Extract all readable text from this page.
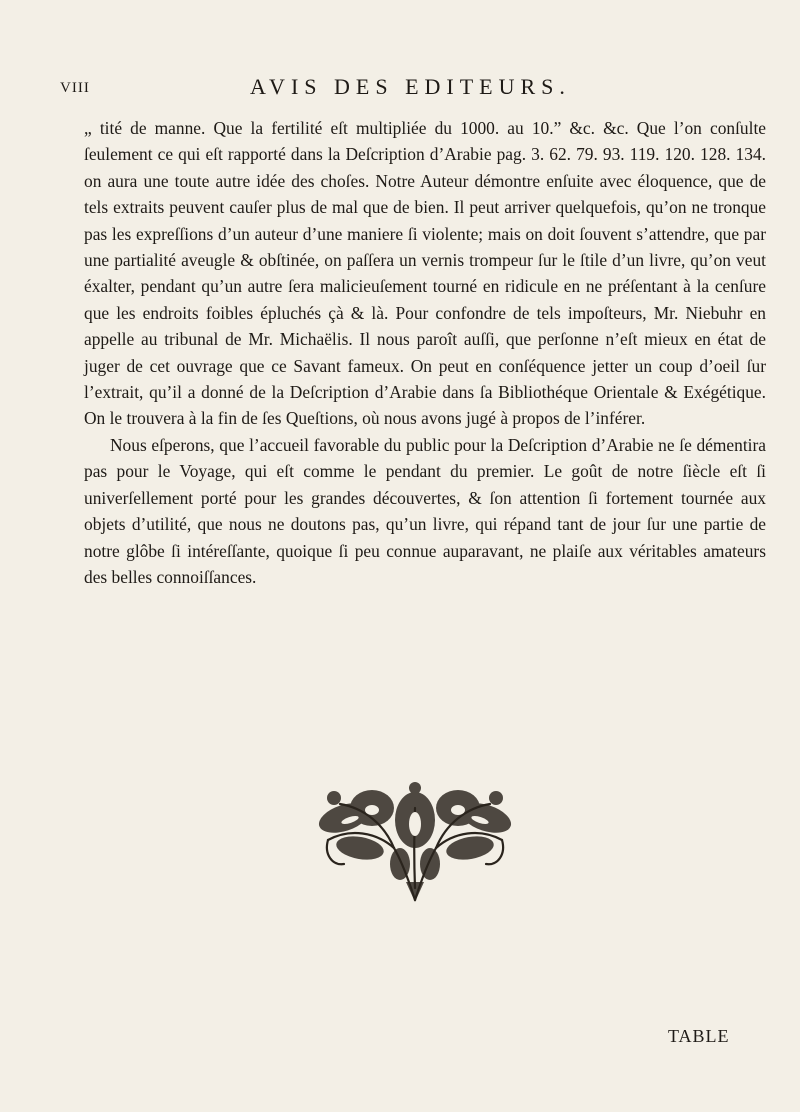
VIII	AVIS DES EDITEURS.

„ tité de manne. Que la fertilité eſt multipliée du 1000. au 10.” &c. &c. Que l’on conſulte ſeulement ce qui eſt rapporté dans la Deſcription d’Arabie pag. 3. 62. 79. 93. 119. 120. 128. 134. on aura une toute autre idée des choſes. Notre Auteur démontre enſuite avec éloquence, que de tels extraits peuvent cauſer plus de mal que de bien. Il peut arriver quelquefois, qu’on ne tronque pas les expreſſions d’un auteur d’une maniere ſi violente; mais on doit ſouvent s’attendre, que par une partialité aveugle & obſtinée, on paſſera un vernis trompeur ſur le ſtile d’un livre, qu’on veut éxalter, pendant qu’un autre ſera malicieuſement tourné en ridicule en ne préſentant à la cenſure que les endroits foibles épluchés çà & là. Pour confondre de tels impoſteurs, Mr. Niebuhr en appelle au tribunal de Mr. Michaëlis. Il nous paroît auſſi, que perſonne n’eſt mieux en état de juger de cet ouvrage que ce Savant fameux. On peut en conſéquence jetter un coup d’oeil ſur l’extrait, qu’il a donné de la Deſcription d’Arabie dans ſa Bibliothéque Orientale & Exégétique. On le trouvera à la fin de ſes Queſtions, où nous avons jugé à propos de l’inférer.

Nous eſperons, que l’accueil favorable du public pour la Deſcription d’Arabie ne ſe démentira pas pour le Voyage, qui eſt comme le pendant du premier. Le goût de notre ſiècle eſt ſi univerſellement porté pour les grandes découvertes, & ſon attention ſi fortement tournée aux objets d’utilité, que nous ne doutons pas, qu’un livre, qui répand tant de jour ſur une partie de notre glôbe ſi intéreſſante, quoique ſi peu connue auparavant, ne plaiſe aux véritables amateurs des belles connoiſſances.

TABLE
